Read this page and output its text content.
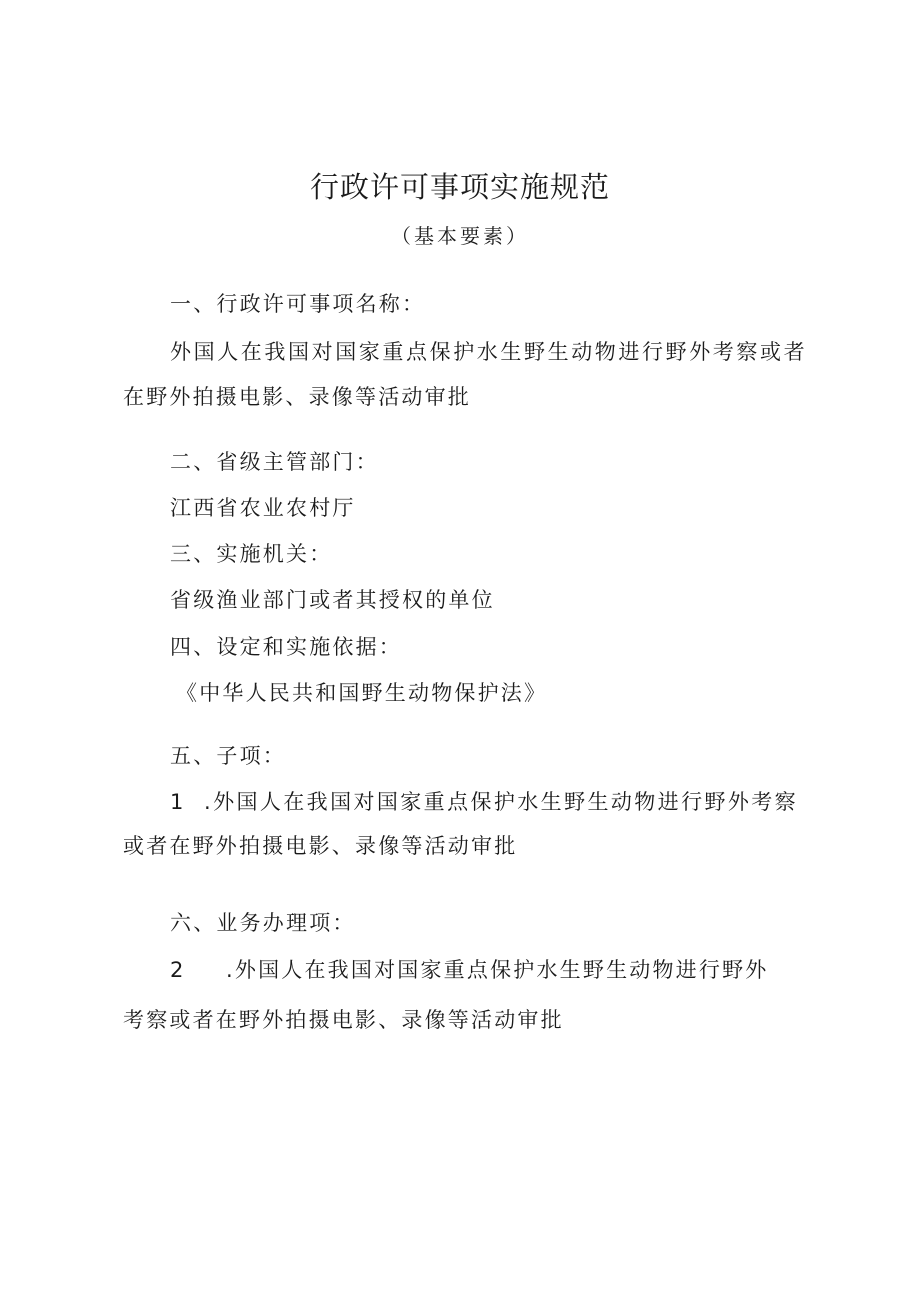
行政许可事项实施规范
（基本要素）
一、行政许可事项名称：
外国人在我国对国家重点保护水生野生动物进行野外考察或者
在野外拍摄电影、录像等活动审批
二、省级主管部门：
江西省农业农村厅
三、实施机关：
省级渔业部门或者其授权的单位
四、设定和实施依据：
《中华人民共和国野生动物保护法》
五、子项：
1 .外国人在我国对国家重点保护水生野生动物进行野外考察
或者在野外拍摄电影、录像等活动审批
六、业务办理项：
2 .外国人在我国对国家重点保护水生野生动物进行野外
考察或者在野外拍摄电影、录像等活动审批
